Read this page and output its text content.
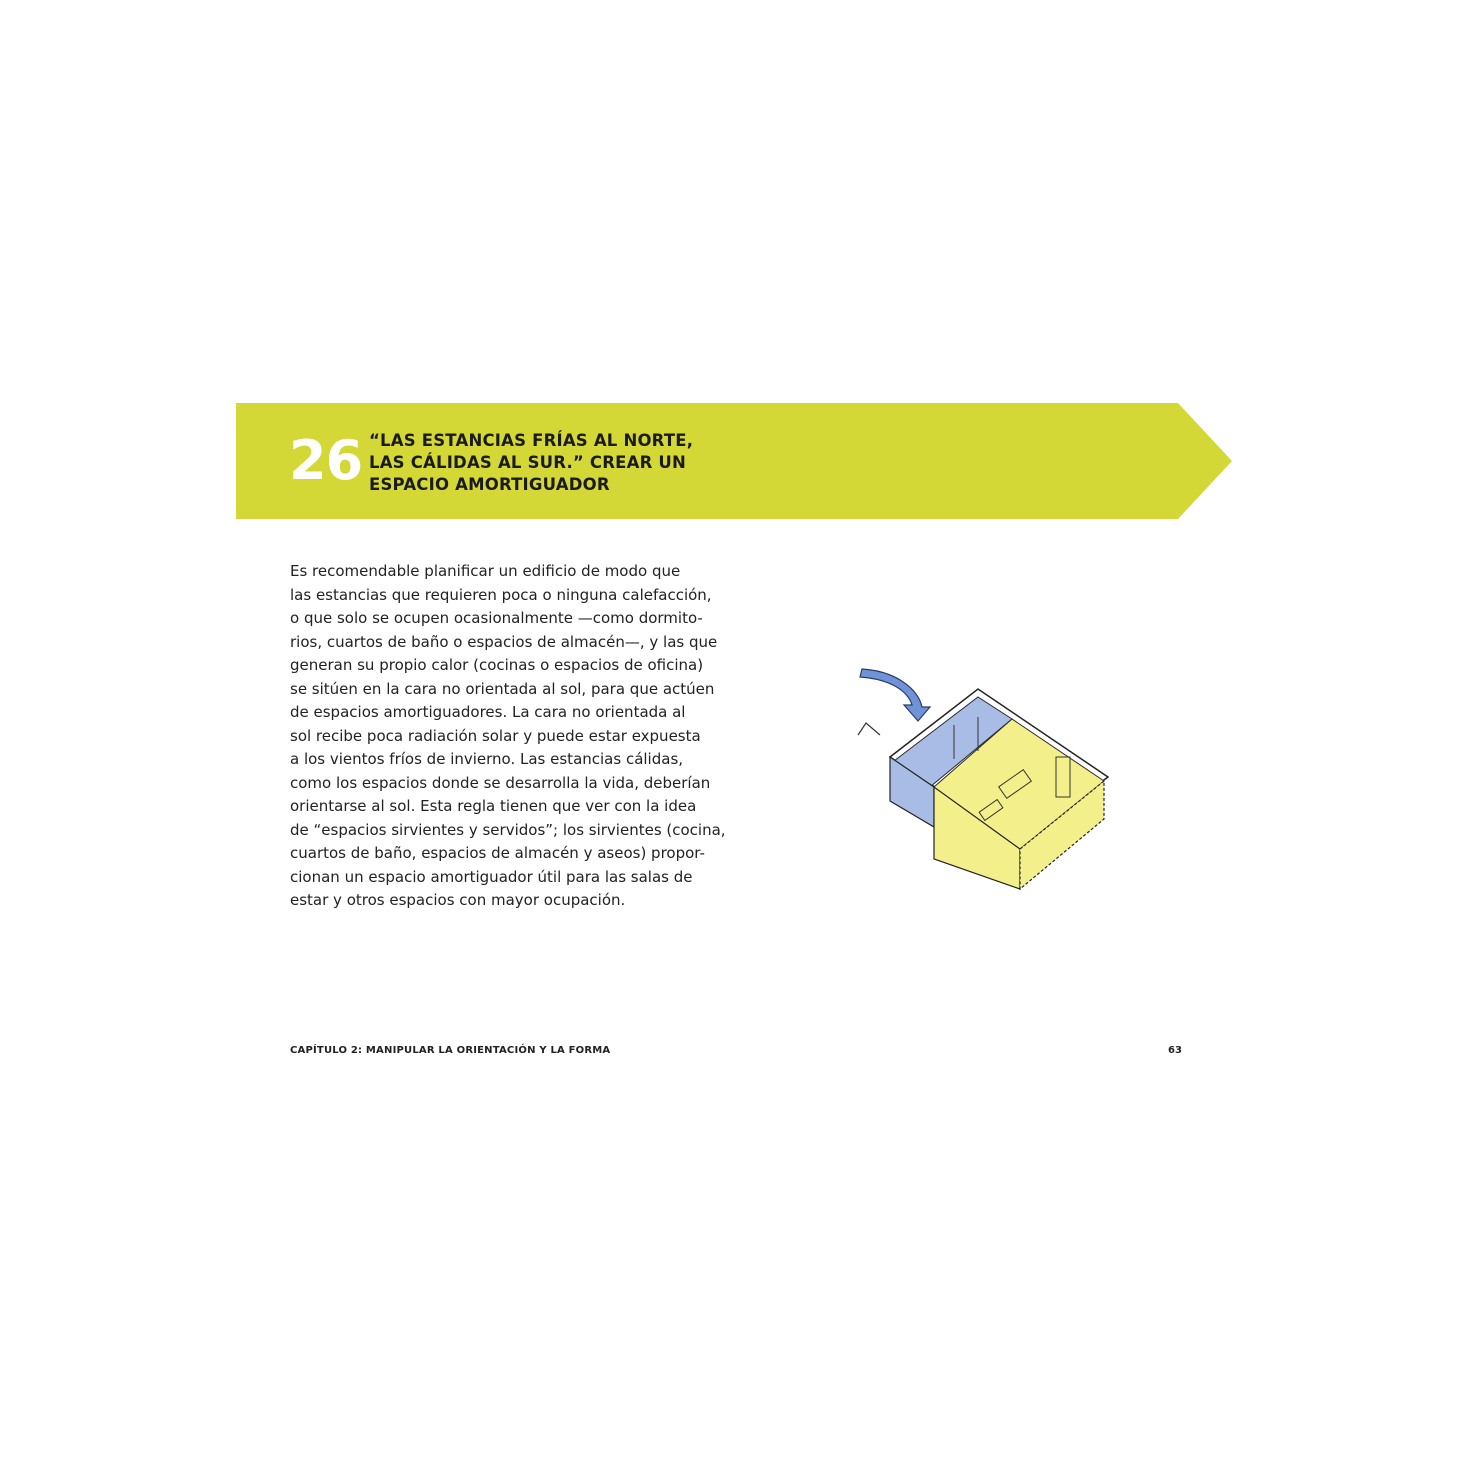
26 “LAS ESTANCIAS FRÍAS AL NORTE,
LAS CÁLIDAS AL SUR.” CREAR UN
ESPACIO AMORTIGUADOR
Es recomendable planificar un edificio de modo que
las estancias que requieren poca o ninguna calefacción,
o que solo se ocupen ocasionalmente —como dormito-
rios, cuartos de baño o espacios de almacén—, y las que
generan su propio calor (cocinas o espacios de oficina)
se sitúen en la cara no orientada al sol, para que actúen
de espacios amortiguadores. La cara no orientada al
sol recibe poca radiación solar y puede estar expuesta
a los vientos fríos de invierno. Las estancias cálidas,
como los espacios donde se desarrolla la vida, deberían
orientarse al sol. Esta regla tienen que ver con la idea
de “espacios sirvientes y servidos”; los sirvientes (cocina,
cuartos de baño, espacios de almacén y aseos) propor-
cionan un espacio amortiguador útil para las salas de
estar y otros espacios con mayor ocupación.
CAPÍTULO 2: MANIPULAR LA ORIENTACIÓN Y LA FORMA	63
